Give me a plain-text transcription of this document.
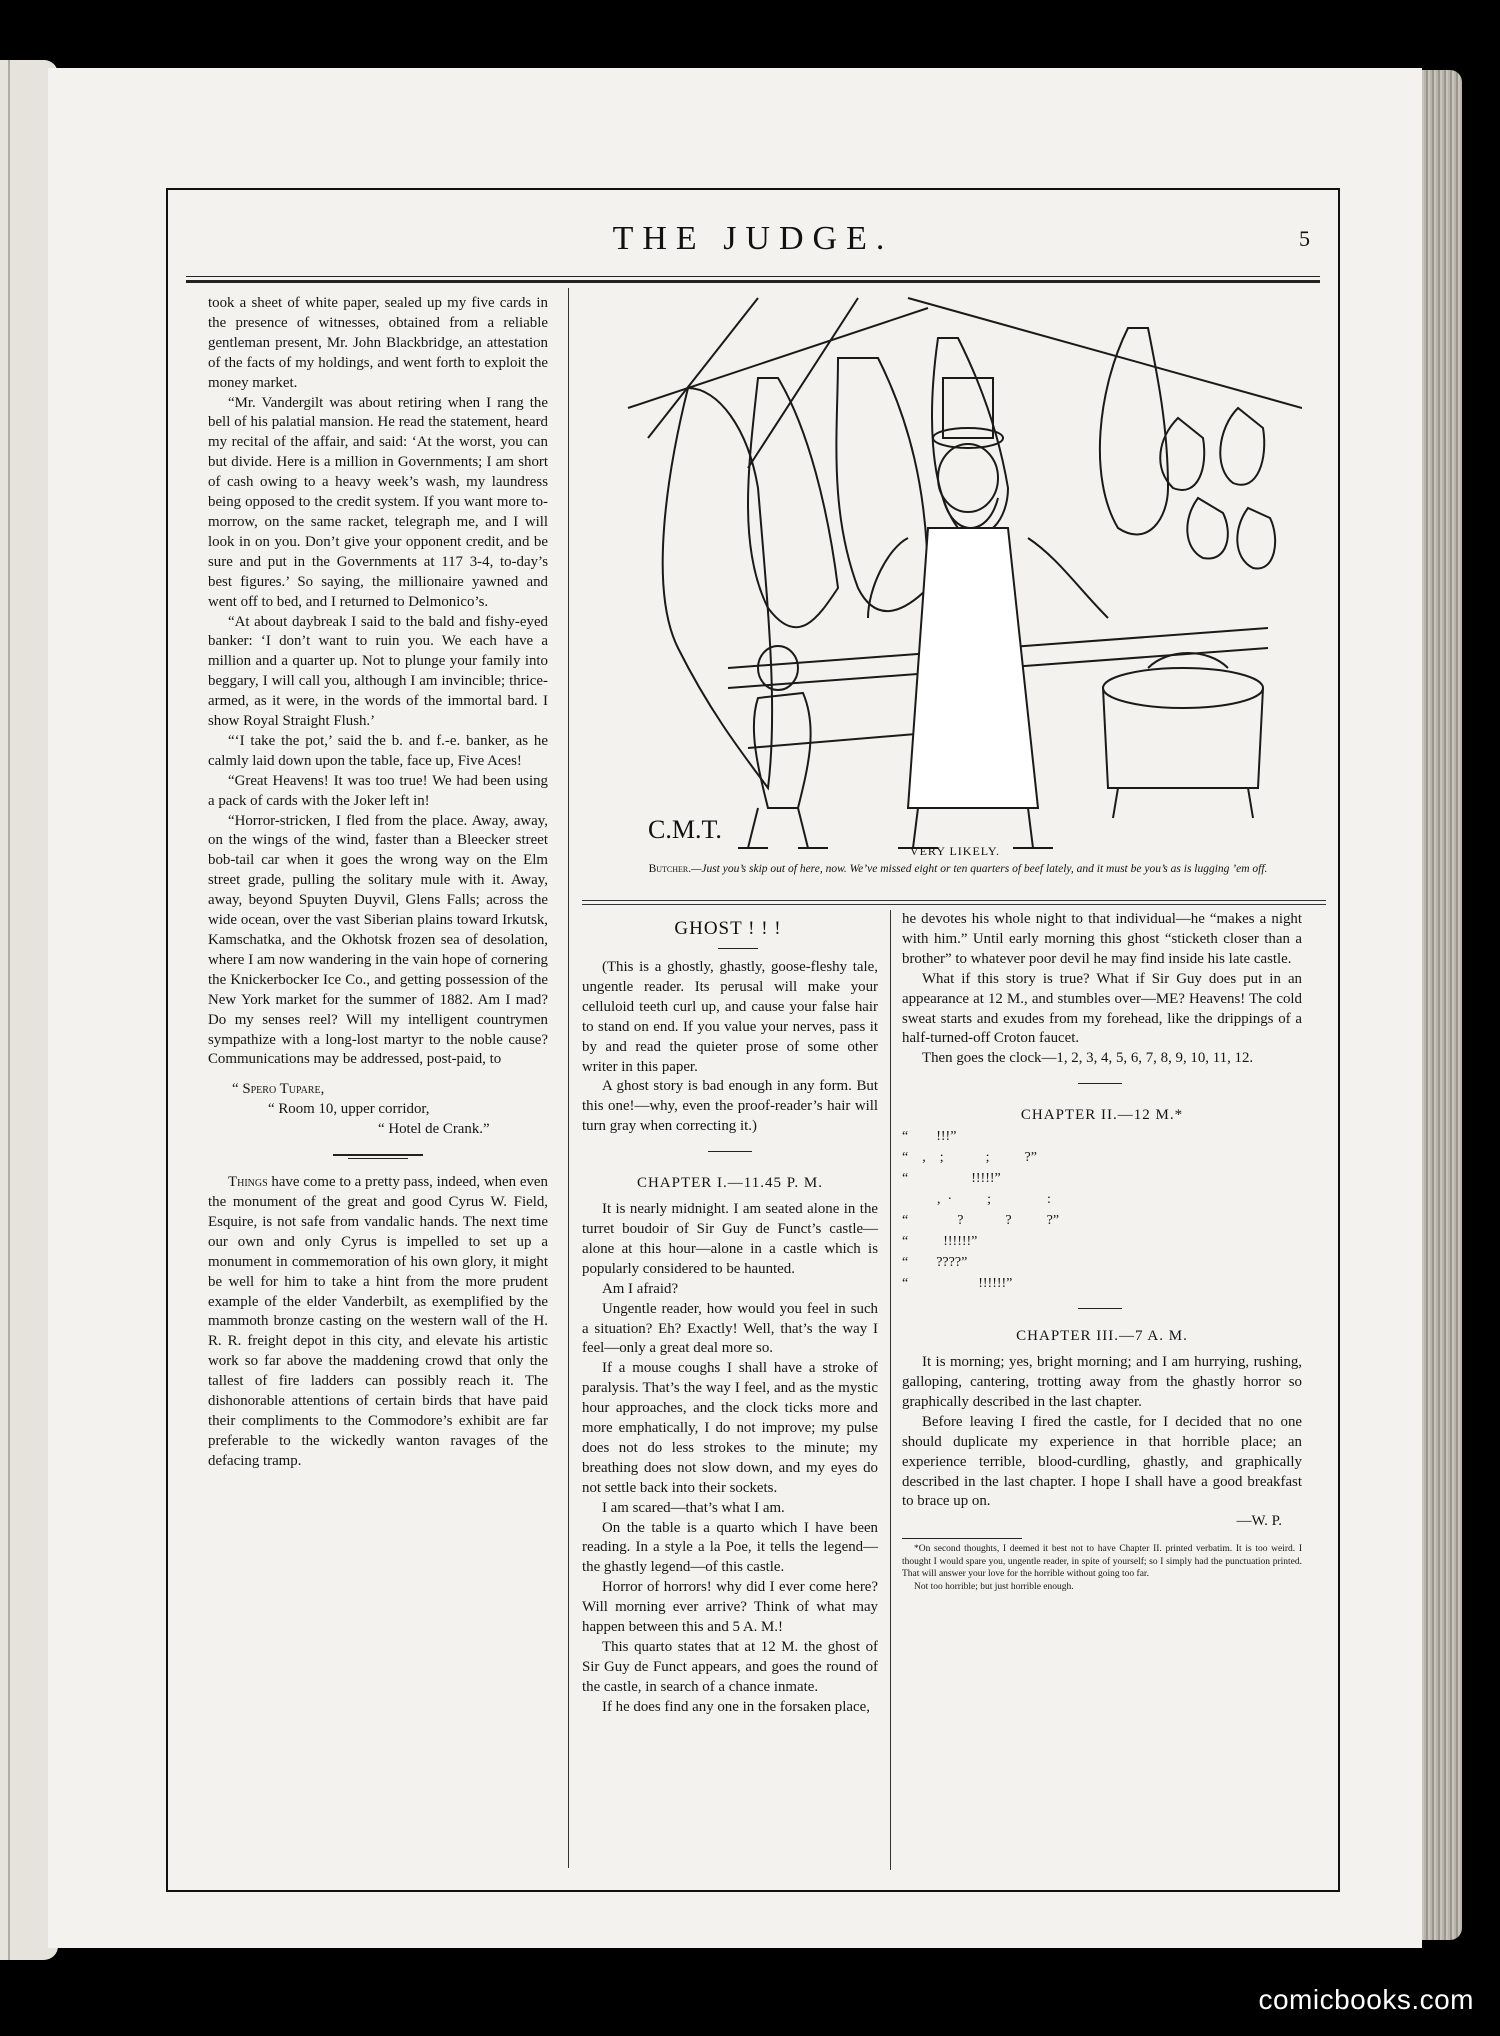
THE JUDGE.	5

took a sheet of white paper, sealed up my five cards in the presence of witnesses, obtained from a reliable gentleman present, Mr. John Blackbridge, an attestation of the facts of my holdings, and went forth to exploit the money market.

“Mr. Vandergilt was about retiring when I rang the bell of his palatial mansion. He read the statement, heard my recital of the affair, and said: ‘At the worst, you can but divide. Here is a million in Governments; I am short of cash owing to a heavy week’s wash, my laundress being opposed to the credit system. If you want more to-morrow, on the same racket, telegraph me, and I will look in on you. Don’t give your opponent credit, and be sure and put in the Governments at 117 3-4, to-day’s best figures.’ So saying, the millionaire yawned and went off to bed, and I returned to Delmonico’s.

“At about daybreak I said to the bald and fishy-eyed banker: ‘I don’t want to ruin you. We each have a million and a quarter up. Not to plunge your family into beggary, I will call you, although I am invincible; thrice-armed, as it were, in the words of the immortal bard. I show Royal Straight Flush.’

“‘I take the pot,’ said the b. and f.-e. banker, as he calmly laid down upon the table, face up, Five Aces!

“Great Heavens! It was too true! We had been using a pack of cards with the Joker left in!

“Horror-stricken, I fled from the place. Away, away, on the wings of the wind, faster than a Bleecker street bob-tail car when it goes the wrong way on the Elm street grade, pulling the solitary mule with it. Away, away, beyond Spuyten Duyvil, Glens Falls; across the wide ocean, over the vast Siberian plains toward Irkutsk, Kamschatka, and the Okhotsk frozen sea of desolation, where I am now wandering in the vain hope of cornering the Knickerbocker Ice Co., and getting possession of the New York market for the summer of 1882. Am I mad? Do my senses reel? Will my intelligent countrymen sympathize with a long-lost martyr to the noble cause? Communications may be addressed, post-paid, to

“ Spero Tupare,
“ Room 10, upper corridor,
“ Hotel de Crank.”

Things have come to a pretty pass, indeed, when even the monument of the great and good Cyrus W. Field, Esquire, is not safe from vandalic hands. The next time our own and only Cyrus is impelled to set up a monument in commemoration of his own glory, it might be well for him to take a hint from the more prudent example of the elder Vanderbilt, as exemplified by the mammoth bronze casting on the western wall of the H. R. R. freight depot in this city, and elevate his artistic work so far above the maddening crowd that only the tallest of fire ladders can possibly reach it. The dishonorable attentions of certain birds that have paid their compliments to the Commodore’s exhibit are far preferable to the wickedly wanton ravages of the defacing tramp.

C.M.T.
VERY LIKELY.
Butcher.—Just you’s skip out of here, now. We’ve missed eight or ten quarters of beef lately, and it must be you’s as is lugging ’em off.
GHOST ! ! !

(This is a ghostly, ghastly, goose-fleshy tale, ungentle reader. Its perusal will make your celluloid teeth curl up, and cause your false hair to stand on end. If you value your nerves, pass it by and read the quieter prose of some other writer in this paper.

A ghost story is bad enough in any form. But this one!—why, even the proof-reader’s hair will turn gray when correcting it.)

CHAPTER I.—11.45 P. M.

It is nearly midnight. I am seated alone in the turret boudoir of Sir Guy de Funct’s castle—alone at this hour—alone in a castle which is popularly considered to be haunted.

Am I afraid?

Ungentle reader, how would you feel in such a situation? Eh? Exactly! Well, that’s the way I feel—only a great deal more so.

If a mouse coughs I shall have a stroke of paralysis. That’s the way I feel, and as the mystic hour approaches, and the clock ticks more and more emphatically, I do not improve; my pulse does not do less strokes to the minute; my breathing does not slow down, and my eyes do not settle back into their sockets.

I am scared—that’s what I am.

On the table is a quarto which I have been reading. In a style a la Poe, it tells the legend—the ghastly legend—of this castle.

Horror of horrors! why did I ever come here? Will morning ever arrive? Think of what may happen between this and 5 A. M.!

This quarto states that at 12 M. the ghost of Sir Guy de Funct appears, and goes the round of the castle, in search of a chance inmate.

If he does find any one in the forsaken place,

he devotes his whole night to that individual—he “makes a night with him.” Until early morning this ghost “sticketh closer than a brother” to whatever poor devil he may find inside his late castle.

What if this story is true? What if Sir Guy does put in an appearance at 12 M., and stumbles over—ME? Heavens! The cold sweat starts and exudes from my forehead, like the drippings of a half-turned-off Croton faucet.

Then goes the clock—1, 2, 3, 4, 5, 6, 7, 8, 9, 10, 11, 12.

CHAPTER II.—12 M.*

“        !!!”
“    ,    ;            ;          ?”
“                  !!!!!”
,  ·          ;                :
“              ?            ?          ?”
“          !!!!!!”
“        ????”
“                    !!!!!!”

CHAPTER III.—7 A. M.

It is morning; yes, bright morning; and I am hurrying, rushing, galloping, cantering, trotting away from the ghastly horror so graphically described in the last chapter.

Before leaving I fired the castle, for I decided that no one should duplicate my experience in that horrible place; an experience terrible, blood-curdling, ghastly, and graphically described in the last chapter. I hope I shall have a good breakfast to brace up on.

—W. P.

*On second thoughts, I deemed it best not to have Chapter II. printed verbatim. It is too weird. I thought I would spare you, ungentle reader, in spite of yourself; so I simply had the punctuation printed. That will answer your love for the horrible without going too far.

Not too horrible; but just horrible enough.

comicbooks.com
